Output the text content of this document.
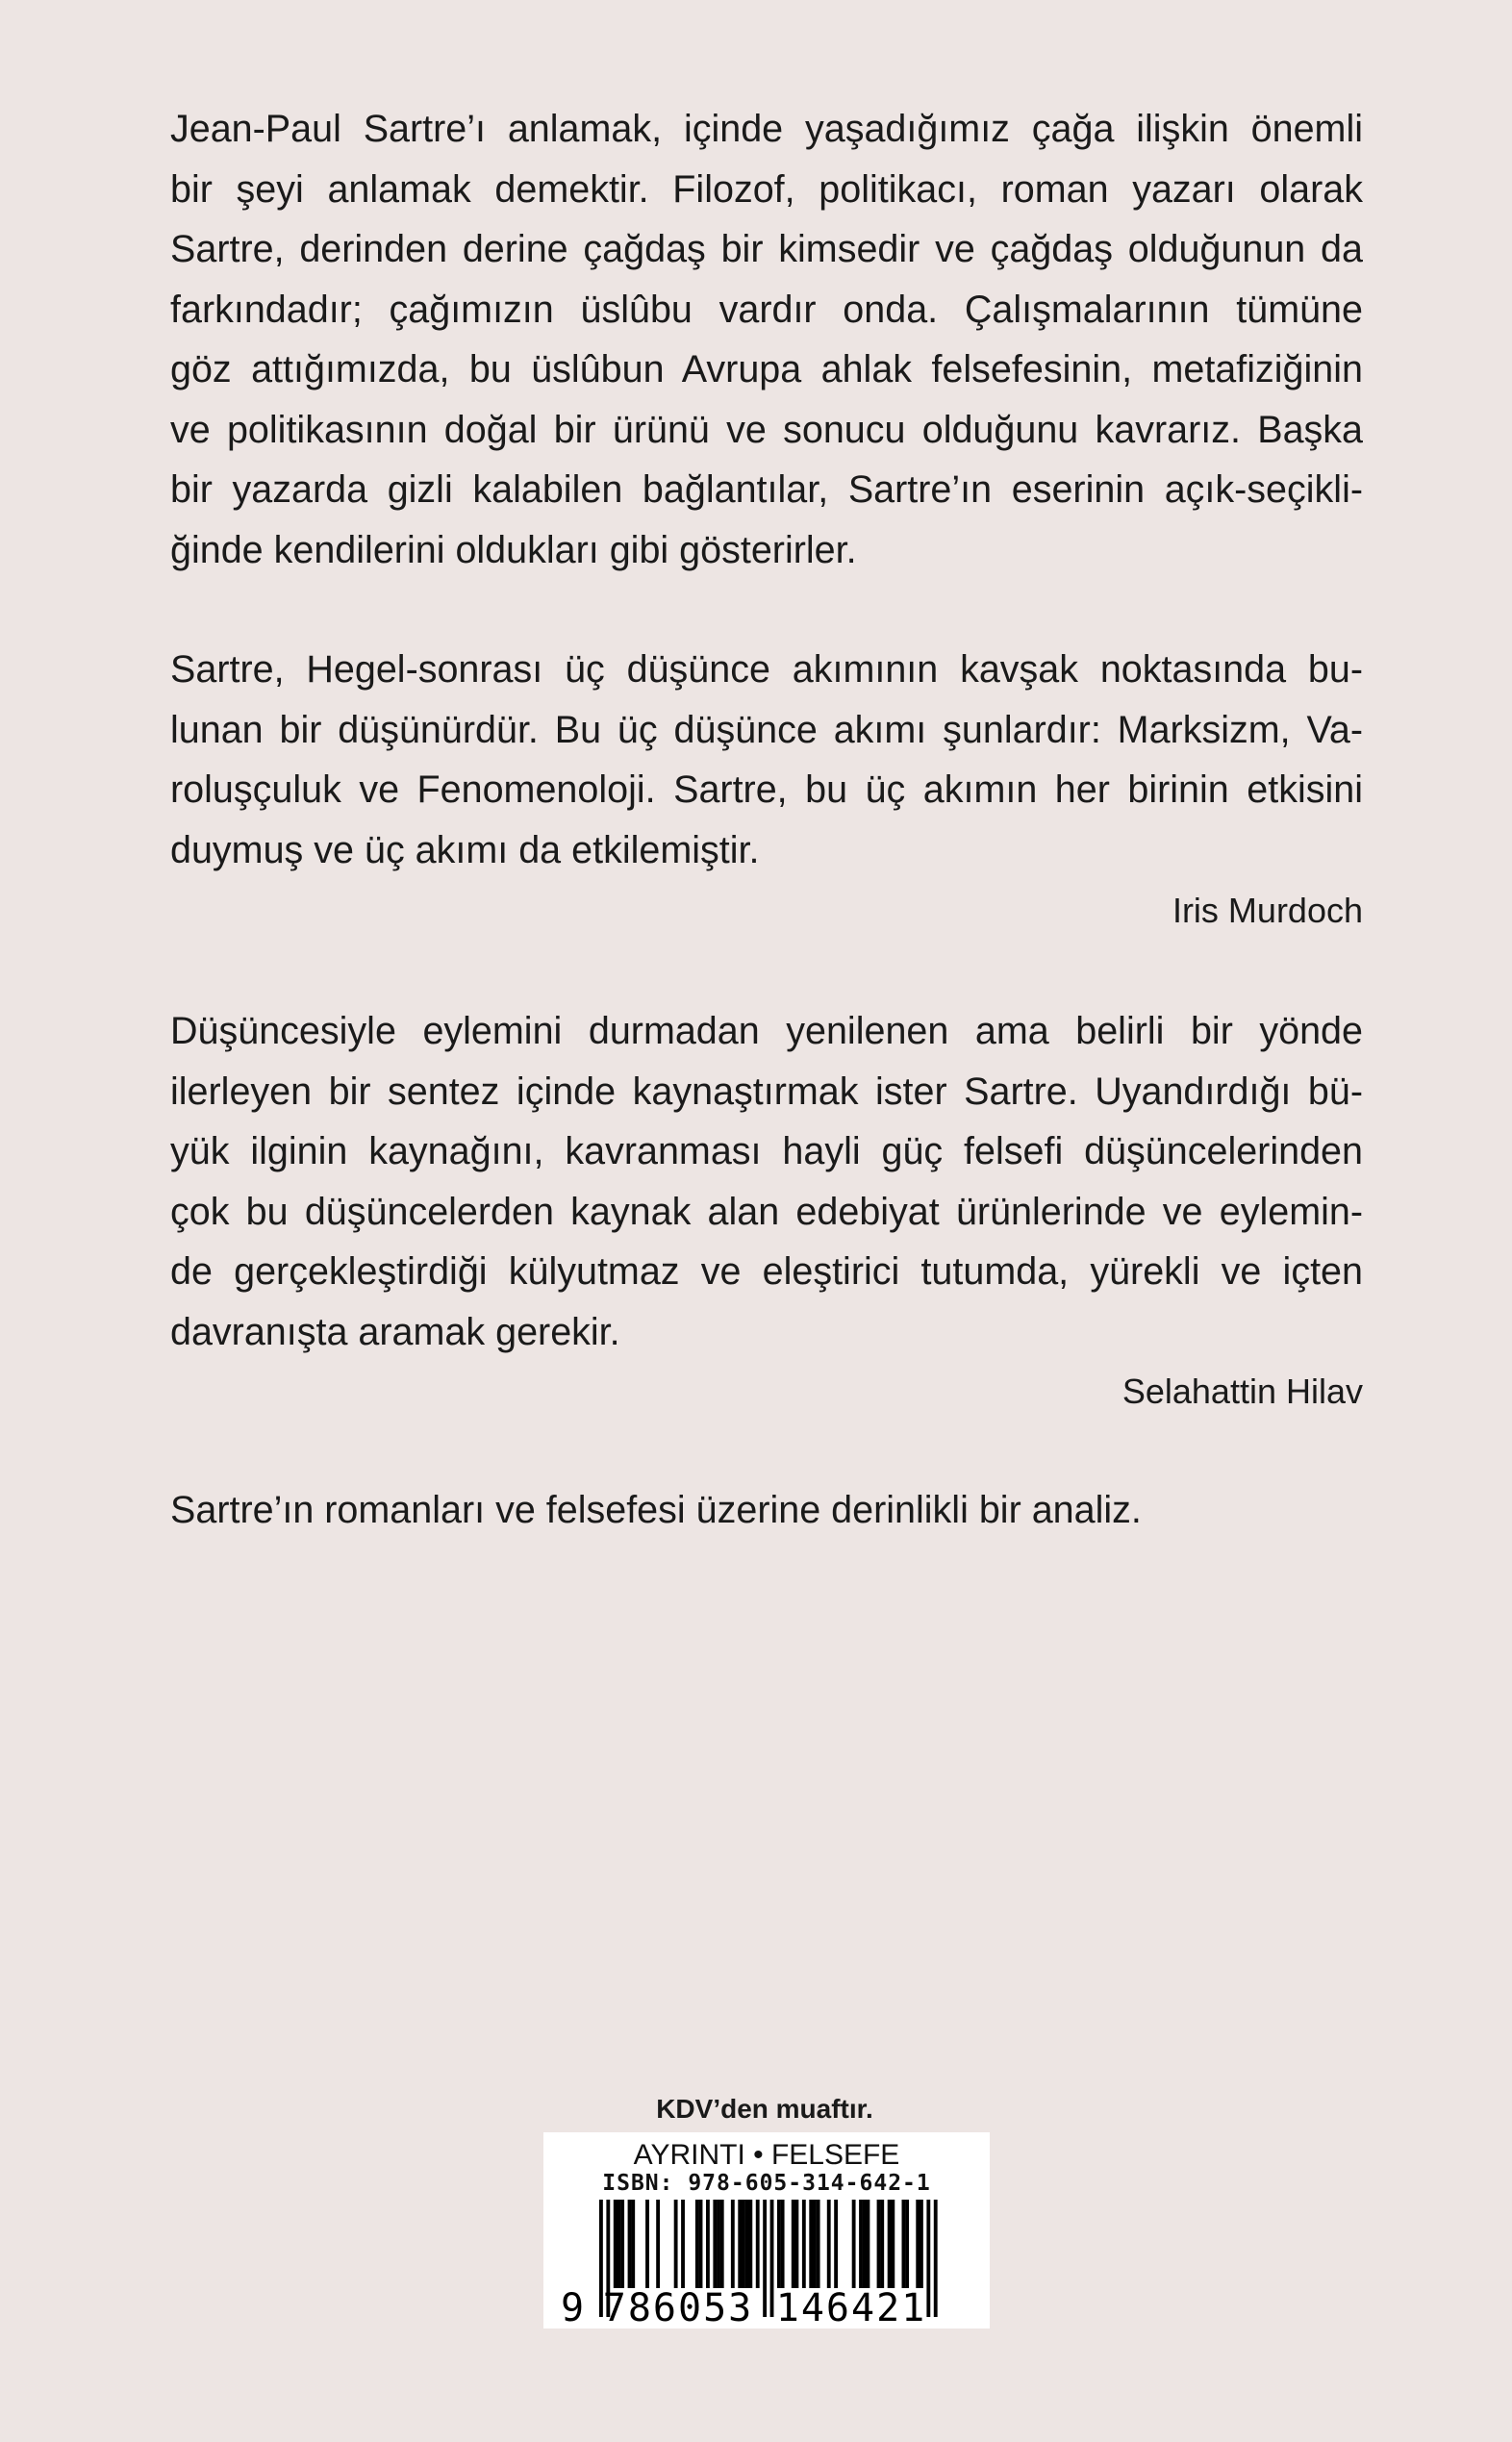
Jean-Paul Sartre’ı anlamak, içinde yaşadığımız çağa ilişkin önemli
bir şeyi anlamak demektir. Filozof, politikacı, roman yazarı olarak
Sartre, derinden derine çağdaş bir kimsedir ve çağdaş olduğunun da
farkındadır; çağımızın üslûbu vardır onda. Çalışmalarının tümüne
göz attığımızda, bu üslûbun Avrupa ahlak felsefesinin, metafiziğinin
ve politikasının doğal bir ürünü ve sonucu olduğunu kavrarız. Başka
bir yazarda gizli kalabilen bağlantılar, Sartre’ın eserinin açık-seçikli-
ğinde kendilerini oldukları gibi gösterirler.

Sartre, Hegel-sonrası üç düşünce akımının kavşak noktasında bu-
lunan bir düşünürdür. Bu üç düşünce akımı şunlardır: Marksizm, Va-
roluşçuluk ve Fenomenoloji. Sartre, bu üç akımın her birinin etkisini
duymuş ve üç akımı da etkilemiştir.

Iris Murdoch

Düşüncesiyle eylemini durmadan yenilenen ama belirli bir yönde
ilerleyen bir sentez içinde kaynaştırmak ister Sartre. Uyandırdığı bü-
yük ilginin kaynağını, kavranması hayli güç felsefi düşüncelerinden
çok bu düşüncelerden kaynak alan edebiyat ürünlerinde ve eylemin-
de gerçekleştirdiği külyutmaz ve eleştirici tutumda, yürekli ve içten
davranışta aramak gerekir.

Selahattin Hilav

Sartre’ın romanları ve felsefesi üzerine derinlikli bir analiz.

KDV’den muaftır.
AYRINTI • FELSEFE
ISBN: 978-605-314-642-1
9 786053 146421
